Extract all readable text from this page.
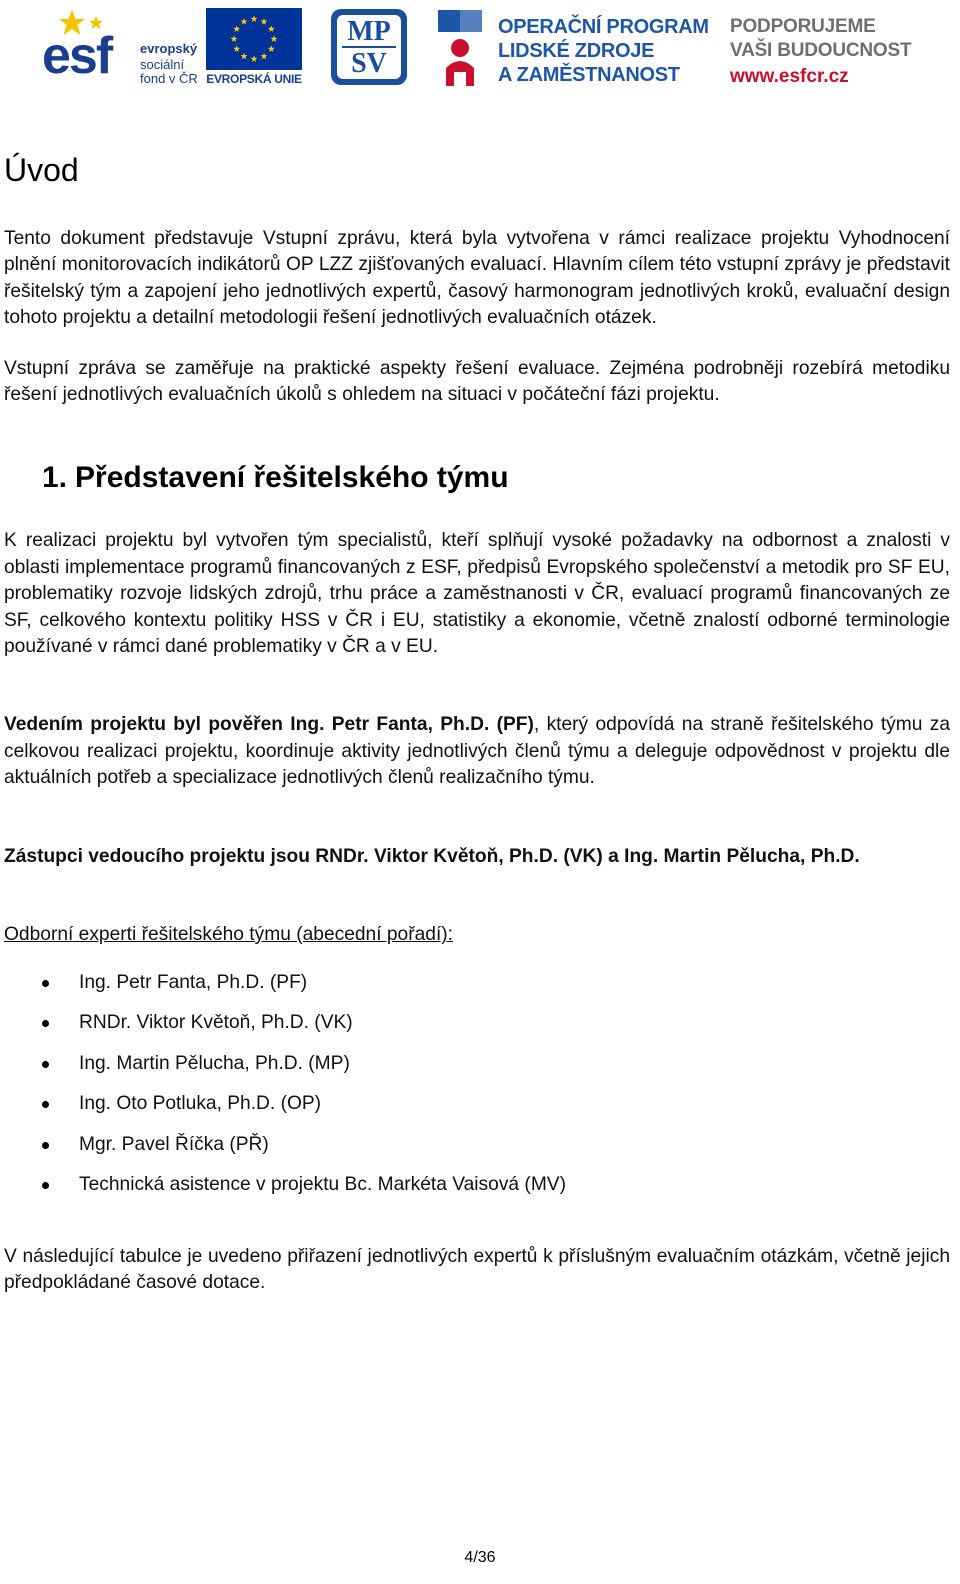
esf evropský
sociální
fond v ČR EVROPSKÁ UNIE
MP
SV
OPERAČNÍ PROGRAM
LIDSKÉ ZDROJE
A ZAMĚSTNANOST
PODPORUJEME
VAŠI BUDOUCNOST
www.esfcr.cz
Úvod

Tento dokument představuje Vstupní zprávu, která byla vytvořena v rámci realizace projektu Vyhodnocení plnění monitorovacích indikátorů OP LZZ zjišťovaných evaluací. Hlavním cílem této vstupní zprávy je představit řešitelský tým a zapojení jeho jednotlivých expertů, časový harmonogram jednotlivých kroků, evaluační design tohoto projektu a detailní metodologii řešení jednotlivých evaluačních otázek.

Vstupní zpráva se zaměřuje na praktické aspekty řešení evaluace. Zejména podrobněji rozebírá metodiku řešení jednotlivých evaluačních úkolů s ohledem na situaci v počáteční fázi projektu.

1. Představení řešitelského týmu

K realizaci projektu byl vytvořen tým specialistů, kteří splňují vysoké požadavky na odbornost a znalosti v oblasti implementace programů financovaných z ESF, předpisů Evropského společenství a metodik pro SF EU, problematiky rozvoje lidských zdrojů, trhu práce a zaměstnanosti v ČR, evaluací programů financovaných ze SF, celkového kontextu politiky HSS v ČR i EU, statistiky a ekonomie, včetně znalostí odborné terminologie používané v rámci dané problematiky v ČR a v EU.

Vedením projektu byl pověřen Ing. Petr Fanta, Ph.D. (PF), který odpovídá na straně řešitelského týmu za celkovou realizaci projektu, koordinuje aktivity jednotlivých členů týmu a deleguje odpovědnost v projektu dle aktuálních potřeb a specializace jednotlivých členů realizačního týmu.

Zástupci vedoucího projektu jsou RNDr. Viktor Květoň, Ph.D. (VK) a Ing. Martin Pělucha, Ph.D.

Odborní experti řešitelského týmu (abecední pořadí):
Ing. Petr Fanta, Ph.D. (PF)
RNDr. Viktor Květoň, Ph.D. (VK)
Ing. Martin Pělucha, Ph.D. (MP)
Ing. Oto Potluka, Ph.D. (OP)
Mgr. Pavel Říčka (PŘ)
Technická asistence v projektu Bc. Markéta Vaisová (MV)

V následující tabulce je uvedeno přiřazení jednotlivých expertů k příslušným evaluačním otázkám, včetně jejich předpokládané časové dotace.

4/36
